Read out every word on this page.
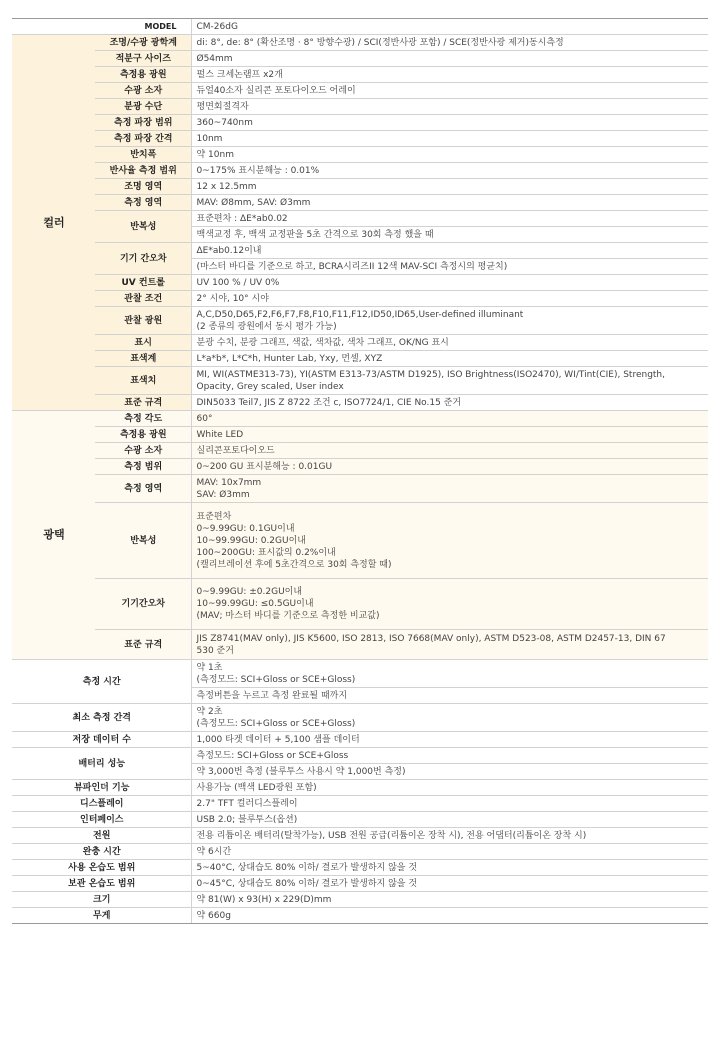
MODEL		CM-26dG
컬러	조명/수광 광학계	di: 8°, de: 8° (확산조명 · 8° 방향수광) / SCI(정반사광 포함) / SCE(정반사광 제거)동시측정
	적분구 사이즈	Ø54mm
	측정용 광원	펄스 크세논램프 x2개
	수광 소자	듀얼40소자 실리콘 포토다이오드 어레이
	분광 수단	평면회절격자
	측정 파장 범위	360~740nm
	측정 파장 간격	10nm
	반치폭	약 10nm
	반사율 측정 범위	0~175% 표시분해능 : 0.01%
	조명 영역	12 x 12.5mm
	측정 영역	MAV: Ø8mm, SAV: Ø3mm
	반복성	표준편차 : ΔE*ab0.02
		백색교정 후, 백색 교정판을 5초 간격으로 30회 측정 했을 때
	기기 간오차	ΔE*ab0.12이내
		(마스터 바디를 기준으로 하고, BCRA시리즈II 12색 MAV-SCI 측정시의 평균치)
	UV 컨트롤	UV 100 % / UV 0%
	관찰 조건	2° 시야, 10° 시야
	관찰 광원	A,C,D50,D65,F2,F6,F7,F8,F10,F11,F12,ID50,ID65,User-defined illuminant
(2 종류의 광원에서 동시 평가 가능)
	표시	분광 수치, 분광 그래프, 색값, 색차값, 색차 그래프, OK/NG 표시
	표색계	L*a*b*, L*C*h, Hunter Lab, Yxy, 먼셀, XYZ
	표색치	MI, WI(ASTME313-73), YI(ASTM E313-73/ASTM D1925), ISO Brightness(ISO2470), WI/Tint(CIE), Strength,
Opacity, Grey scaled, User index
	표준 규격	DIN5033 Teil7, JIS Z 8722 조건 c, ISO7724/1, CIE No.15 준거
광택	측정 각도	60°
	측정용 광원	White LED
	수광 소자	실리콘포토다이오드
	측정 범위	0~200 GU 표시분해능 : 0.01GU
	측정 영역	MAV: 10x7mm
SAV: Ø3mm
	반복성	표준편차
0~9.99GU: 0.1GU이내
10~99.99GU: 0.2GU이내
100~200GU: 표시값의 0.2%이내
(캘리브레이션 후에 5초간격으로 30회 측정할 때)
	기기간오차	0~9.99GU: ±0.2GU이내
10~99.99GU: ≤0.5GU이내
(MAV; 마스터 바디를 기준으로 측정한 비교값)
	표준 규격	JIS Z8741(MAV only), JIS K5600, ISO 2813, ISO 7668(MAV only), ASTM D523-08, ASTM D2457-13, DIN 67
530 준거
측정 시간		약 1초
(측정모드: SCI+Gloss or SCE+Gloss)
		측정버튼을 누르고 측정 완료될 때까지
최소 측정 간격		약 2초
(측정모드: SCI+Gloss or SCE+Gloss)
저장 데이터 수		1,000 타겟 데이터 + 5,100 샘플 데이터
배터리 성능		측정모드: SCI+Gloss or SCE+Gloss
		약 3,000번 측정 (블루투스 사용시 약 1,000번 측정)
뷰파인더 기능		사용가능 (백색 LED광원 포함)
디스플레이		2.7" TFT 컬러디스플레이
인터페이스		USB 2.0; 블루투스(옵션)
전원		전용 리튬이온 배터리(탈착가능), USB 전원 공급(리튬이온 장착 시), 전용 어댑터(리튬이온 장착 시)
완충 시간		약 6시간
사용 온습도 범위		5~40°C, 상대습도 80% 이하/ 결로가 발생하지 않을 것
보관 온습도 범위		0~45°C, 상대습도 80% 이하/ 결로가 발생하지 않을 것
크기		약 81(W) x 93(H) x 229(D)mm
무게		약 660g
